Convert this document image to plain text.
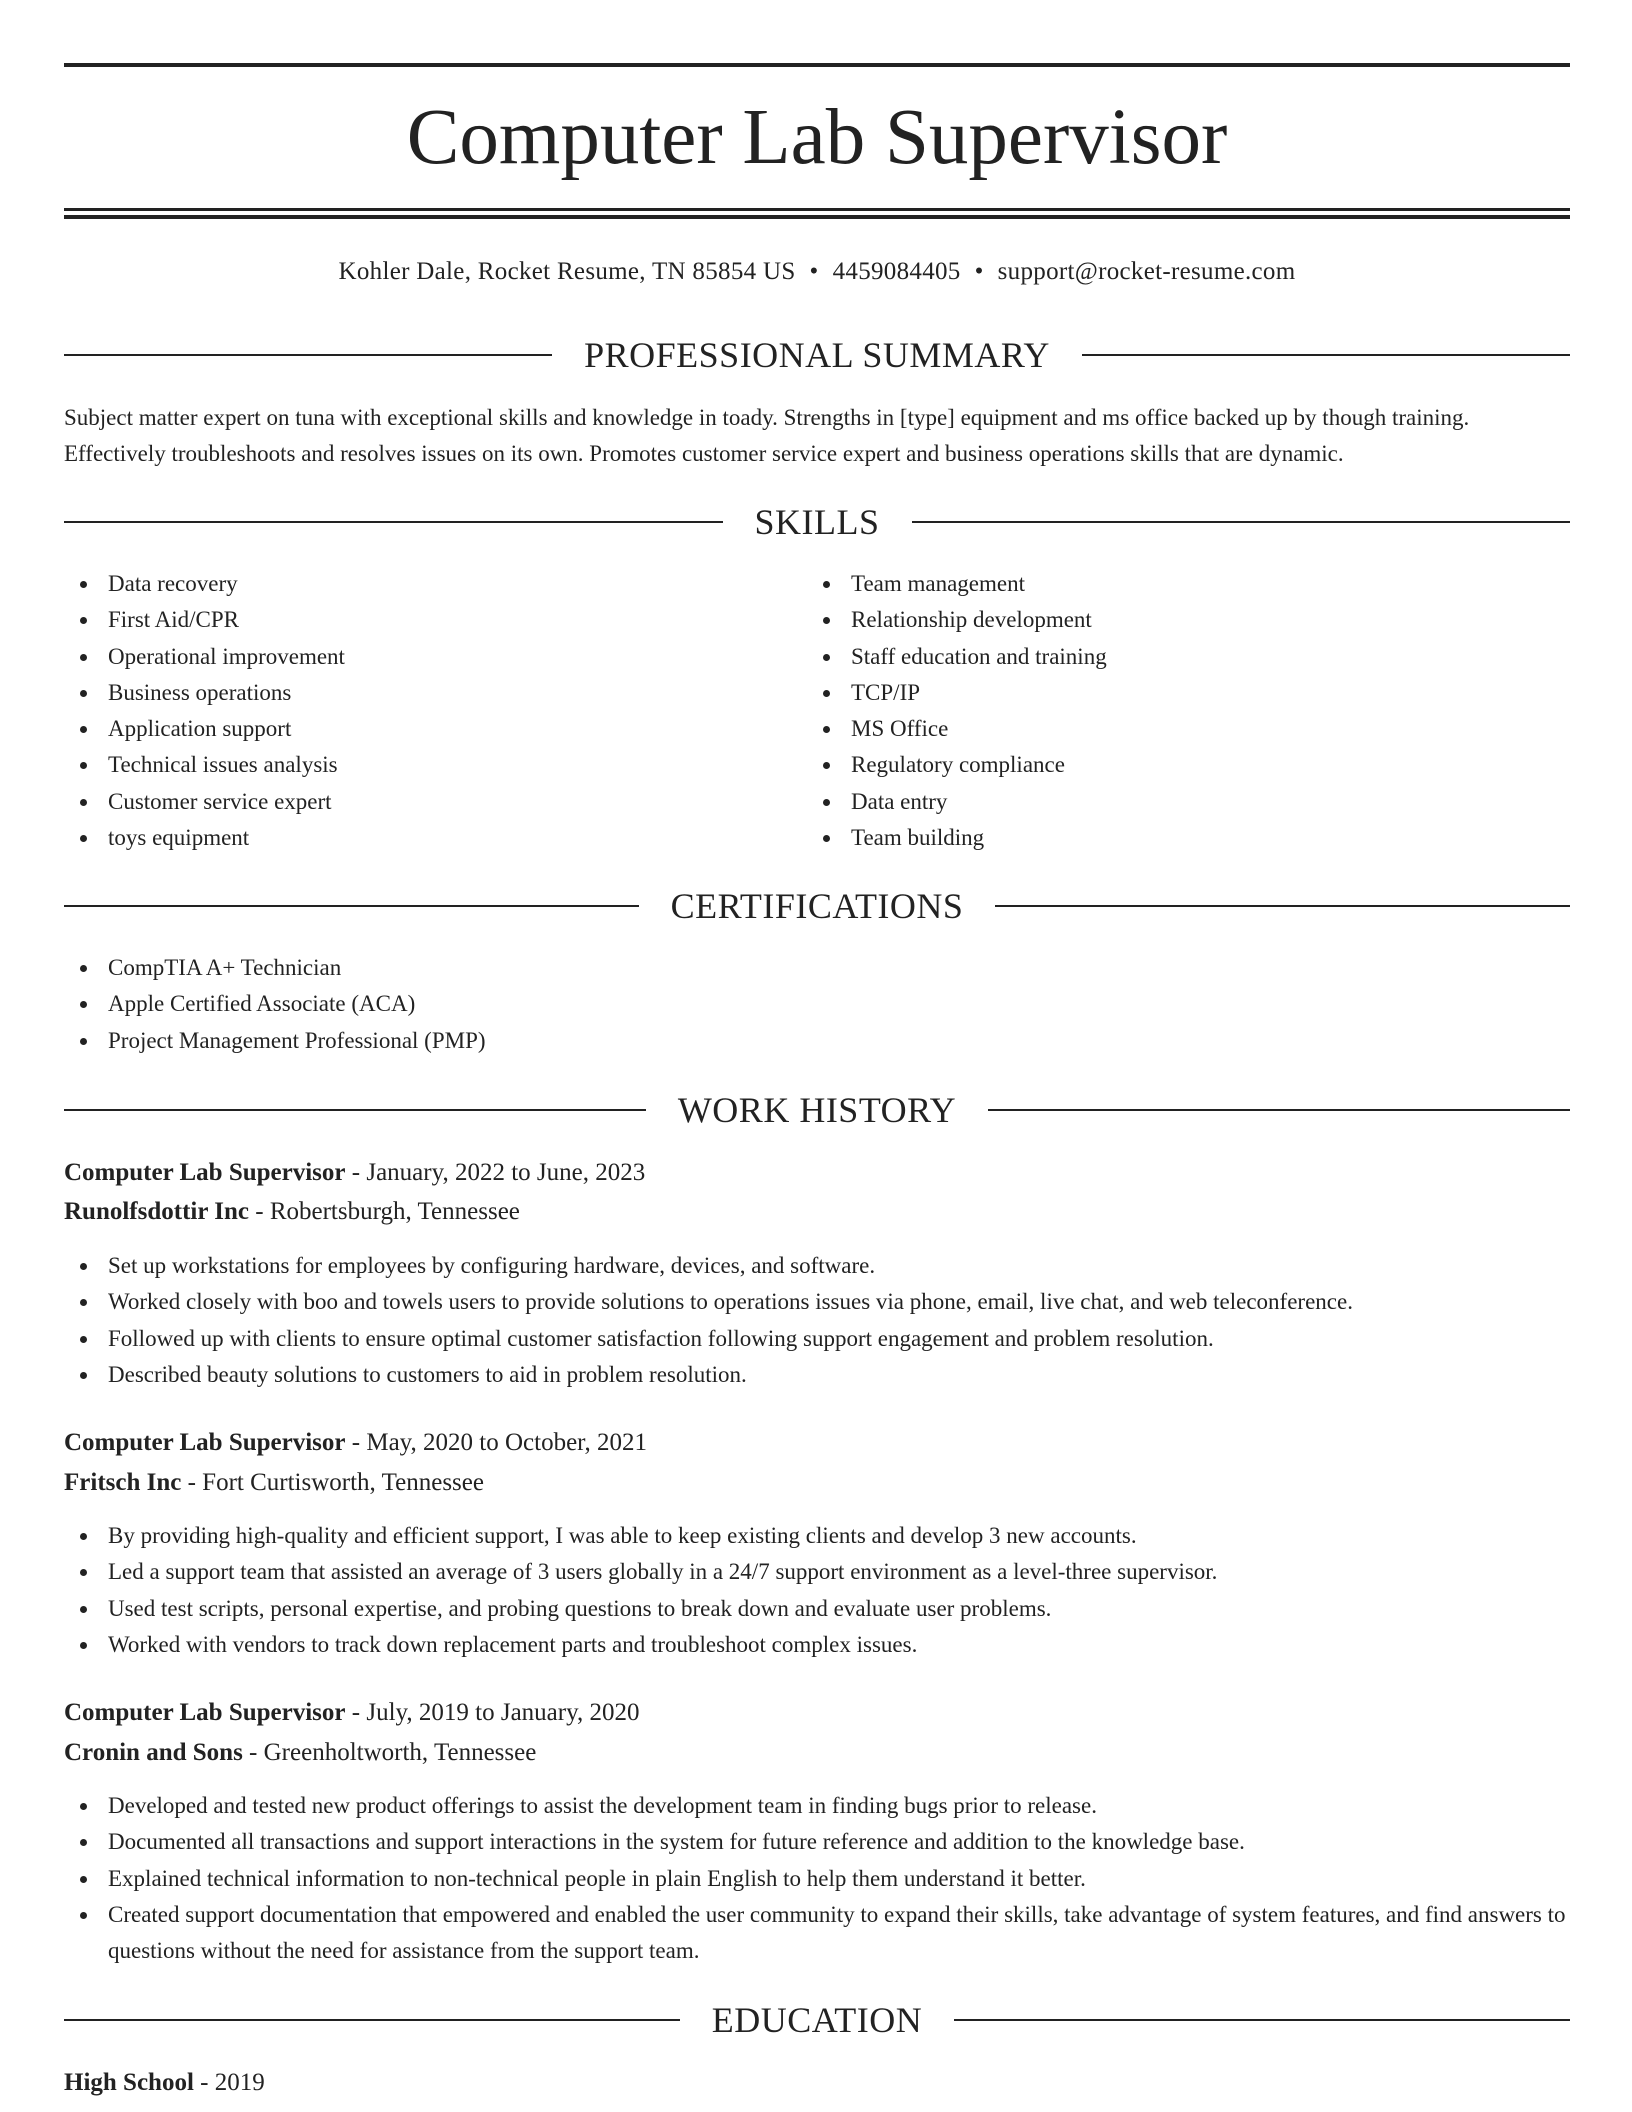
Computer Lab Supervisor
Kohler Dale, Rocket Resume, TN 85854 US • 4459084405 • support@rocket-resume.com
PROFESSIONAL SUMMARY

Subject matter expert on tuna with exceptional skills and knowledge in toady. Strengths in [type] equipment and ms office backed up by though training. Effectively troubleshoots and resolves issues on its own. Promotes customer service expert and business operations skills that are dynamic.

SKILLS
Data recovery
First Aid/CPR
Operational improvement
Business operations
Application support
Technical issues analysis
Customer service expert
toys equipment
Team management
Relationship development
Staff education and training
TCP/IP
MS Office
Regulatory compliance
Data entry
Team building
CERTIFICATIONS
CompTIA A+ Technician
Apple Certified Associate (ACA)
Project Management Professional (PMP)
WORK HISTORY
Computer Lab Supervisor - January, 2022 to June, 2023
Runolfsdottir Inc - Robertsburgh, Tennessee
Set up workstations for employees by configuring hardware, devices, and software.
Worked closely with boo and towels users to provide solutions to operations issues via phone, email, live chat, and web teleconference.
Followed up with clients to ensure optimal customer satisfaction following support engagement and problem resolution.
Described beauty solutions to customers to aid in problem resolution.
Computer Lab Supervisor - May, 2020 to October, 2021
Fritsch Inc - Fort Curtisworth, Tennessee
By providing high-quality and efficient support, I was able to keep existing clients and develop 3 new accounts.
Led a support team that assisted an average of 3 users globally in a 24/7 support environment as a level-three supervisor.
Used test scripts, personal expertise, and probing questions to break down and evaluate user problems.
Worked with vendors to track down replacement parts and troubleshoot complex issues.
Computer Lab Supervisor - July, 2019 to January, 2020
Cronin and Sons - Greenholtworth, Tennessee
Developed and tested new product offerings to assist the development team in finding bugs prior to release.
Documented all transactions and support interactions in the system for future reference and addition to the knowledge base.
Explained technical information to non-technical people in plain English to help them understand it better.
Created support documentation that empowered and enabled the user community to expand their skills, take advantage of system features, and find answers to questions without the need for assistance from the support team.
EDUCATION
High School - 2019
